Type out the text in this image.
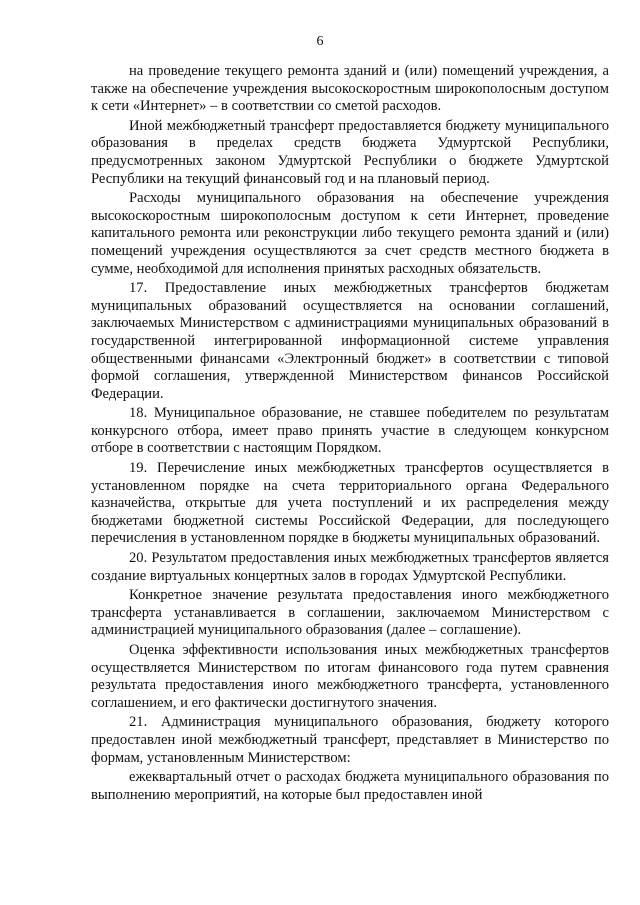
6

на проведение текущего ремонта зданий и (или) помещений учреждения, а также на обеспечение учреждения высокоскоростным широкополосным доступом к сети «Интернет» – в соответствии со сметой расходов.

Иной межбюджетный трансферт предоставляется бюджету муниципального образования в пределах средств бюджета Удмуртской Республики, предусмотренных законом Удмуртской Республики о бюджете Удмуртской Республики на текущий финансовый год и на плановый период.

Расходы муниципального образования на обеспечение учреждения высокоскоростным широкополосным доступом к сети Интернет, проведение капитального ремонта или реконструкции либо текущего ремонта зданий и (или) помещений учреждения осуществляются за счет средств местного бюджета в сумме, необходимой для исполнения принятых расходных обязательств.

17. Предоставление иных межбюджетных трансфертов бюджетам муниципальных образований осуществляется на основании соглашений, заключаемых Министерством с администрациями муниципальных образований в государственной интегрированной информационной системе управления общественными финансами «Электронный бюджет» в соответствии с типовой формой соглашения, утвержденной Министерством финансов Российской Федерации.

18. Муниципальное образование, не ставшее победителем по результатам конкурсного отбора, имеет право принять участие в следующем конкурсном отборе в соответствии с настоящим Порядком.

19. Перечисление иных межбюджетных трансфертов осуществляется в установленном порядке на счета территориального органа Федерального казначейства, открытые для учета поступлений и их распределения между бюджетами бюджетной системы Российской Федерации, для последующего перечисления в установленном порядке в бюджеты муниципальных образований.

20. Результатом предоставления иных межбюджетных трансфертов является создание виртуальных концертных залов в городах Удмуртской Республики.

Конкретное значение результата предоставления иного межбюджетного трансферта устанавливается в соглашении, заключаемом Министерством с администрацией муниципального образования (далее – соглашение).

Оценка эффективности использования иных межбюджетных трансфертов осуществляется Министерством по итогам финансового года путем сравнения результата предоставления иного межбюджетного трансферта, установленного соглашением, и его фактически достигнутого значения.

21. Администрация муниципального образования, бюджету которого предоставлен иной межбюджетный трансферт, представляет в Министерство по формам, установленным Министерством:

ежеквартальный отчет о расходах бюджета муниципального образования по выполнению мероприятий, на которые был предоставлен иной
